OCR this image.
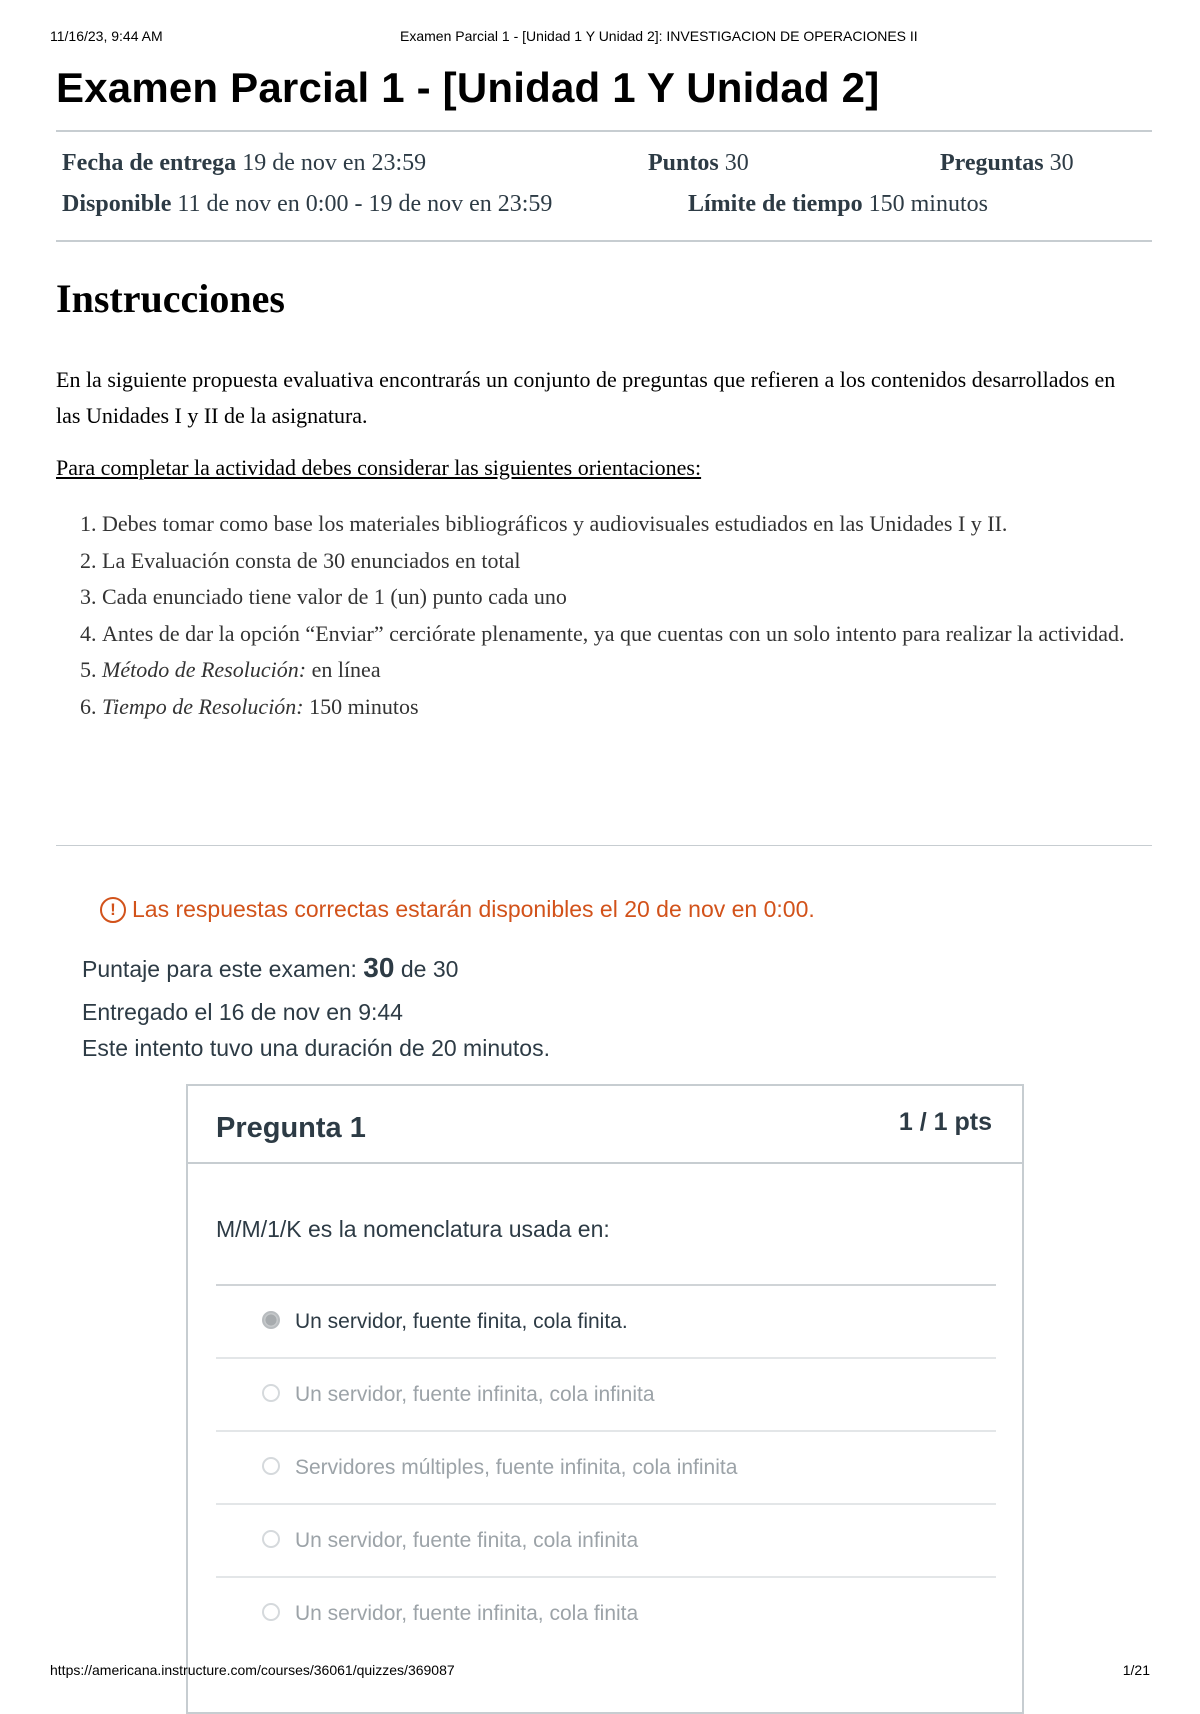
11/16/23, 9:44 AM	Examen Parcial 1 - [Unidad 1 Y Unidad 2]: INVESTIGACION DE OPERACIONES II
Examen Parcial 1 - [Unidad 1 Y Unidad 2]
Fecha de entrega 19 de nov en 23:59	Puntos 30	Preguntas 30
Disponible 11 de nov en 0:00 - 19 de nov en 23:59	Límite de tiempo 150 minutos
Instrucciones

En la siguiente propuesta evaluativa encontrarás un conjunto de preguntas que refieren a los contenidos desarrollados en las Unidades I y II de la asignatura.

Para completar la actividad debes considerar las siguientes orientaciones:

1. Debes tomar como base los materiales bibliográficos y audiovisuales estudiados en las Unidades I y II.
2. La Evaluación consta de 30 enunciados en total
3. Cada enunciado tiene valor de 1 (un) punto cada uno
4. Antes de dar la opción “Enviar” cerciórate plenamente, ya que cuentas con un solo intento para realizar la actividad.
5. Método de Resolución: en línea
6. Tiempo de Resolución: 150 minutos
! Las respuestas correctas estarán disponibles el 20 de nov en 0:00.
Puntaje para este examen: 30 de 30
Entregado el 16 de nov en 9:44
Este intento tuvo una duración de 20 minutos.
Pregunta 1	1 / 1 pts
M/M/1/K es la nomenclatura usada en:
Un servidor, fuente finita, cola finita.
Un servidor, fuente infinita, cola infinita
Servidores múltiples, fuente infinita, cola infinita
Un servidor, fuente finita, cola infinita
Un servidor, fuente infinita, cola finita
https://americana.instructure.com/courses/36061/quizzes/369087	1/21
